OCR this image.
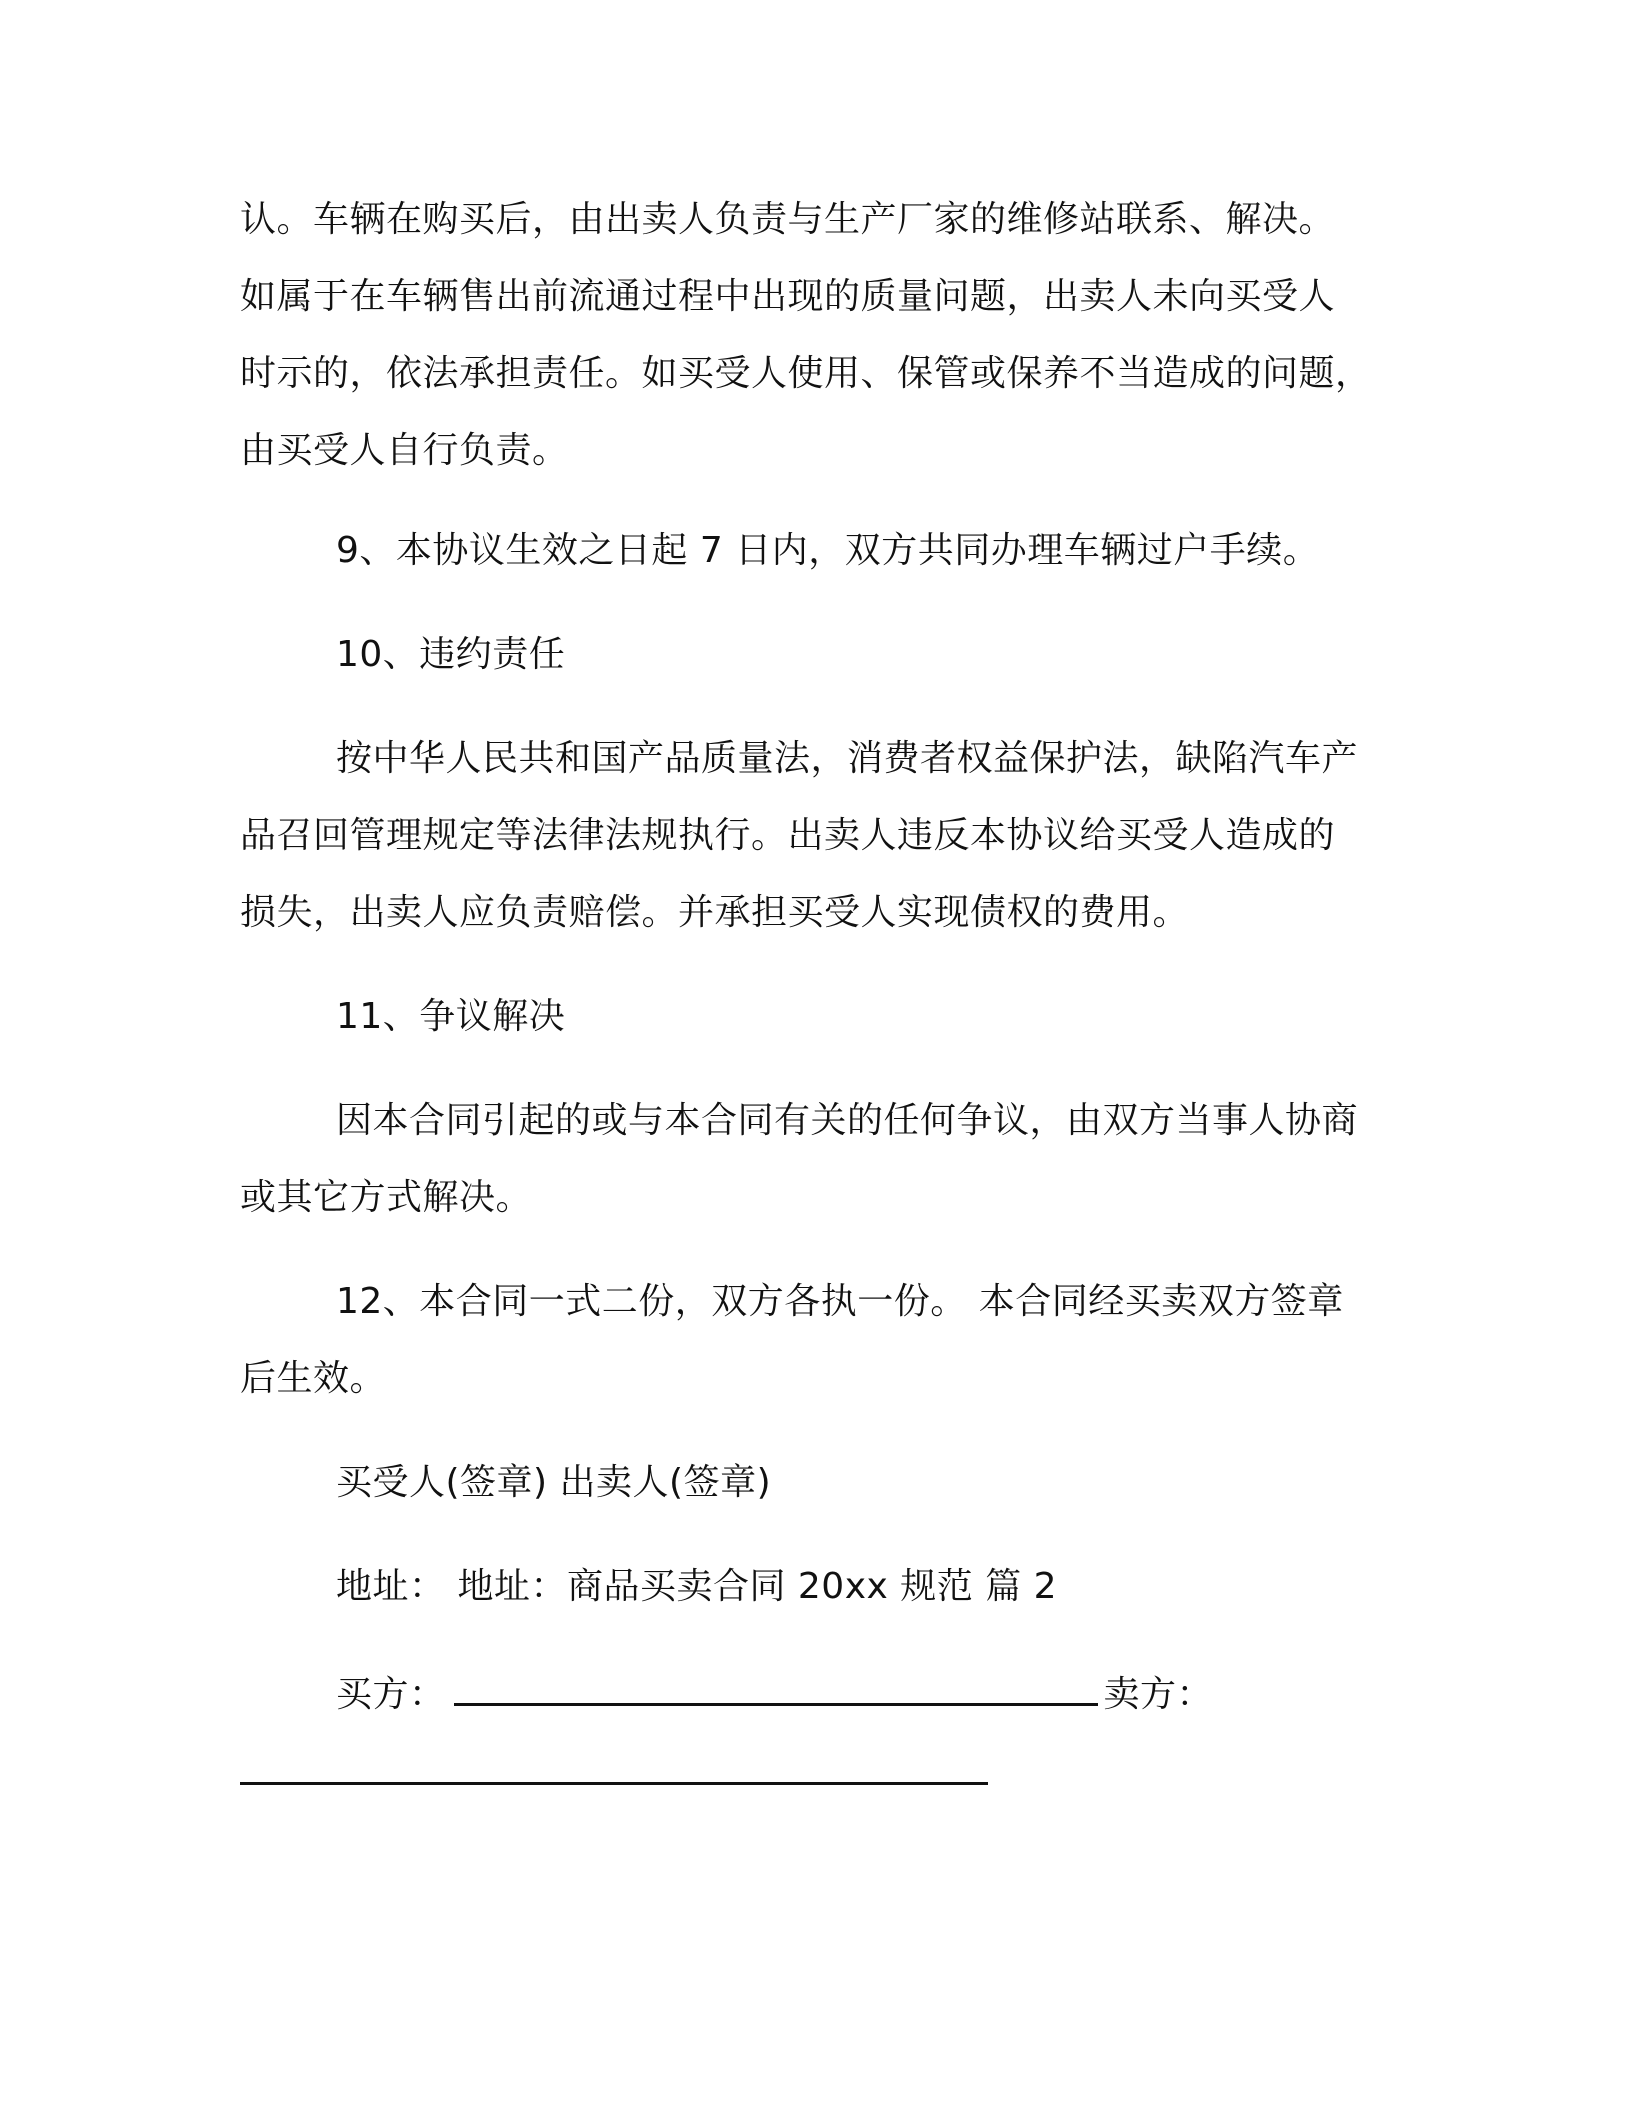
认。车辆在购买后，由出卖人负责与生产厂家的维修站联系、解决。
如属于在车辆售出前流通过程中出现的质量问题，出卖人未向买受人
时示的，依法承担责任。如买受人使用、保管或保养不当造成的问题，
由买受人自行负责。
9、本协议生效之日起 7 日内，双方共同办理车辆过户手续。
10、违约责任
按中华人民共和国产品质量法，消费者权益保护法，缺陷汽车产
品召回管理规定等法律法规执行。出卖人违反本协议给买受人造成的
损失，出卖人应负责赔偿。并承担买受人实现债权的费用。
11、争议解决
因本合同引起的或与本合同有关的任何争议，由双方当事人协商
或其它方式解决。
12、本合同一式二份，双方各执一份。 本合同经买卖双方签章
后生效。
买受人(签章) 出卖人(签章)
地址： 地址：商品买卖合同 20xx 规范 篇 2
买方：	卖方：
